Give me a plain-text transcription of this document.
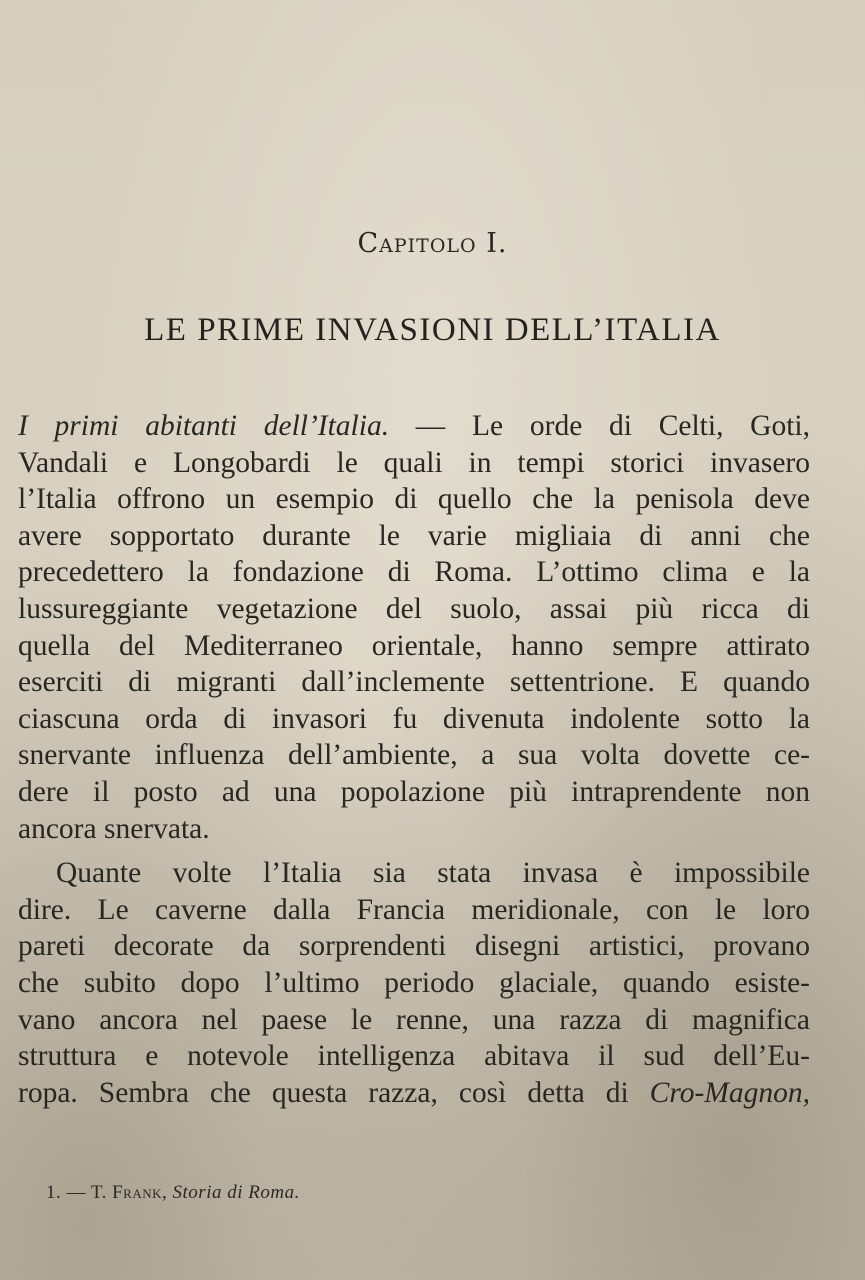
Capitolo I.
LE PRIME INVASIONI DELL’ITALIA
I primi abitanti dell’Italia. — Le orde di Celti, Goti,
Vandali e Longobardi le quali in tempi storici invasero
l’Italia offrono un esempio di quello che la penisola deve
avere sopportato durante le varie migliaia di anni che
precedettero la fondazione di Roma. L’ottimo clima e la
lussureggiante vegetazione del suolo, assai più ricca di
quella del Mediterraneo orientale, hanno sempre attirato
eserciti di migranti dall’inclemente settentrione. E quando
ciascuna orda di invasori fu divenuta indolente sotto la
snervante influenza dell’ambiente, a sua volta dovette ce-
dere il posto ad una popolazione più intraprendente non
ancora snervata.
Quante volte l’Italia sia stata invasa è impossibile
dire. Le caverne dalla Francia meridionale, con le loro
pareti decorate da sorprendenti disegni artistici, provano
che subito dopo l’ultimo periodo glaciale, quando esiste-
vano ancora nel paese le renne, una razza di magnifica
struttura e notevole intelligenza abitava il sud dell’Eu-
ropa. Sembra che questa razza, così detta di Cro-Magnon,
1. — T. Frank, Storia di Roma.
